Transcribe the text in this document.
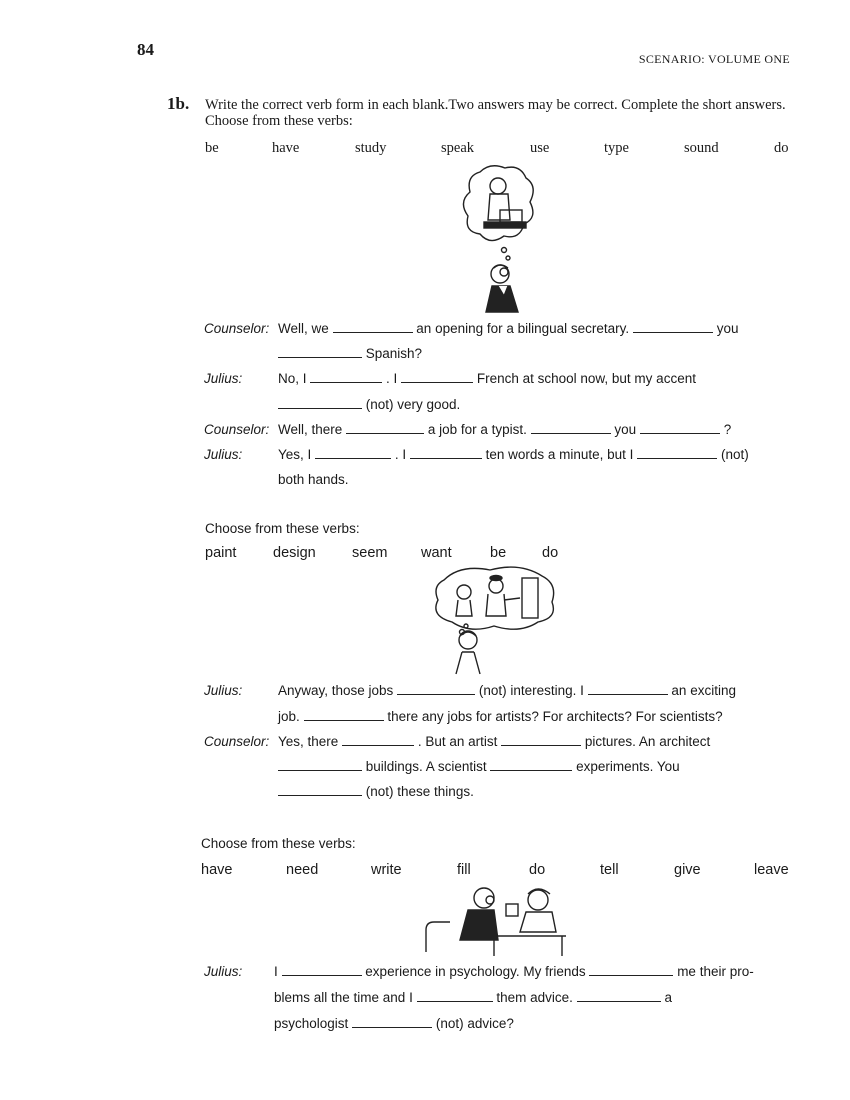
84	SCENARIO: VOLUME ONE
1b. Write the correct verb form in each blank.Two answers may be correct. Complete the short answers. Choose from these verbs:
be	have	study	speak	use	type	sound	do
Counselor: Well, we	an opening for a bilingual secretary.	you
Spanish?
Julius:	No, I	. I	French at school now, but my accent
(not) very good.
Counselor: Well, there	a job for a typist.	you	?
Julius:	Yes, I	. I	ten words a minute, but I	(not)
both hands.
Choose from these verbs:
paint	design	seem want	be do
Julius:	Anyway, those jobs	(not) interesting. I	an exciting
job.	there any jobs for artists? For architects? For scientists?
Counselor: Yes, there	. But an artist	pictures. An architect
buildings. A scientist	experiments. You
(not) these things.
Choose from these verbs:
have	need	write	fill	do	tell	give	leave
Julius: I	experience in psychology. My friends	me their pro-
blems all the time and I	them advice.	a
psychologist	(not) advice?
